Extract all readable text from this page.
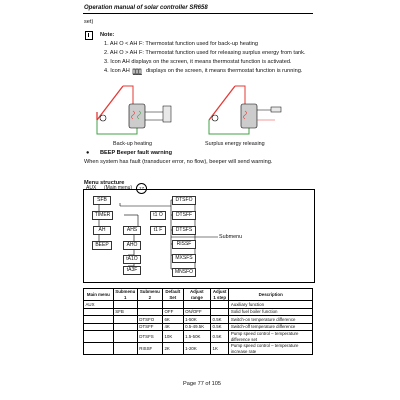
Operation manual of solar controller SR658
set)
Note:
1. AH O < AH F: Thermostat function used for back-up heating
2. AH O > AH F: Thermostat function used for releasing surplus energy from tank.
3. Icon AH displays on the screen, it means thermostat function is activated.
4. Icon AH	displays on the screen, it means thermostat function is running.
Back-up heating	Surplus energy releasing
● BEEP Beeper fault warning
When system has fault (transducer error, no flow), beeper will send warning.
Menu structure
AUX (Main menu)	17
SFB	DTSFO
TIMER	t1 O	DTSFF
AH	AHS	t1 F	DTSFS
BEEP	AHO	RISSF
tA1O	MXSFS
tA3F	MNSFO
Submenu
Main menu	Submenu 1	Submenu 2	Default Set	Adjust range	Adjust 1 step	Description
AUX						Auxiliary function
	SFB		OFF	ON/OFF		Solid fuel boiler function
		DTSFO	6K	1-50K	0.5K	Switch-on temperature difference
		DTSFF	4K	0.5-49.5K	0.5K	Switch-off temperature difference
		DTSFS	10K	1.5-50K	0.5K	Pump speed control – temperature difference set
		RISSF	2K	1-20K	1K	Pump speed control – temperature increase rate
Page 77 of 105
